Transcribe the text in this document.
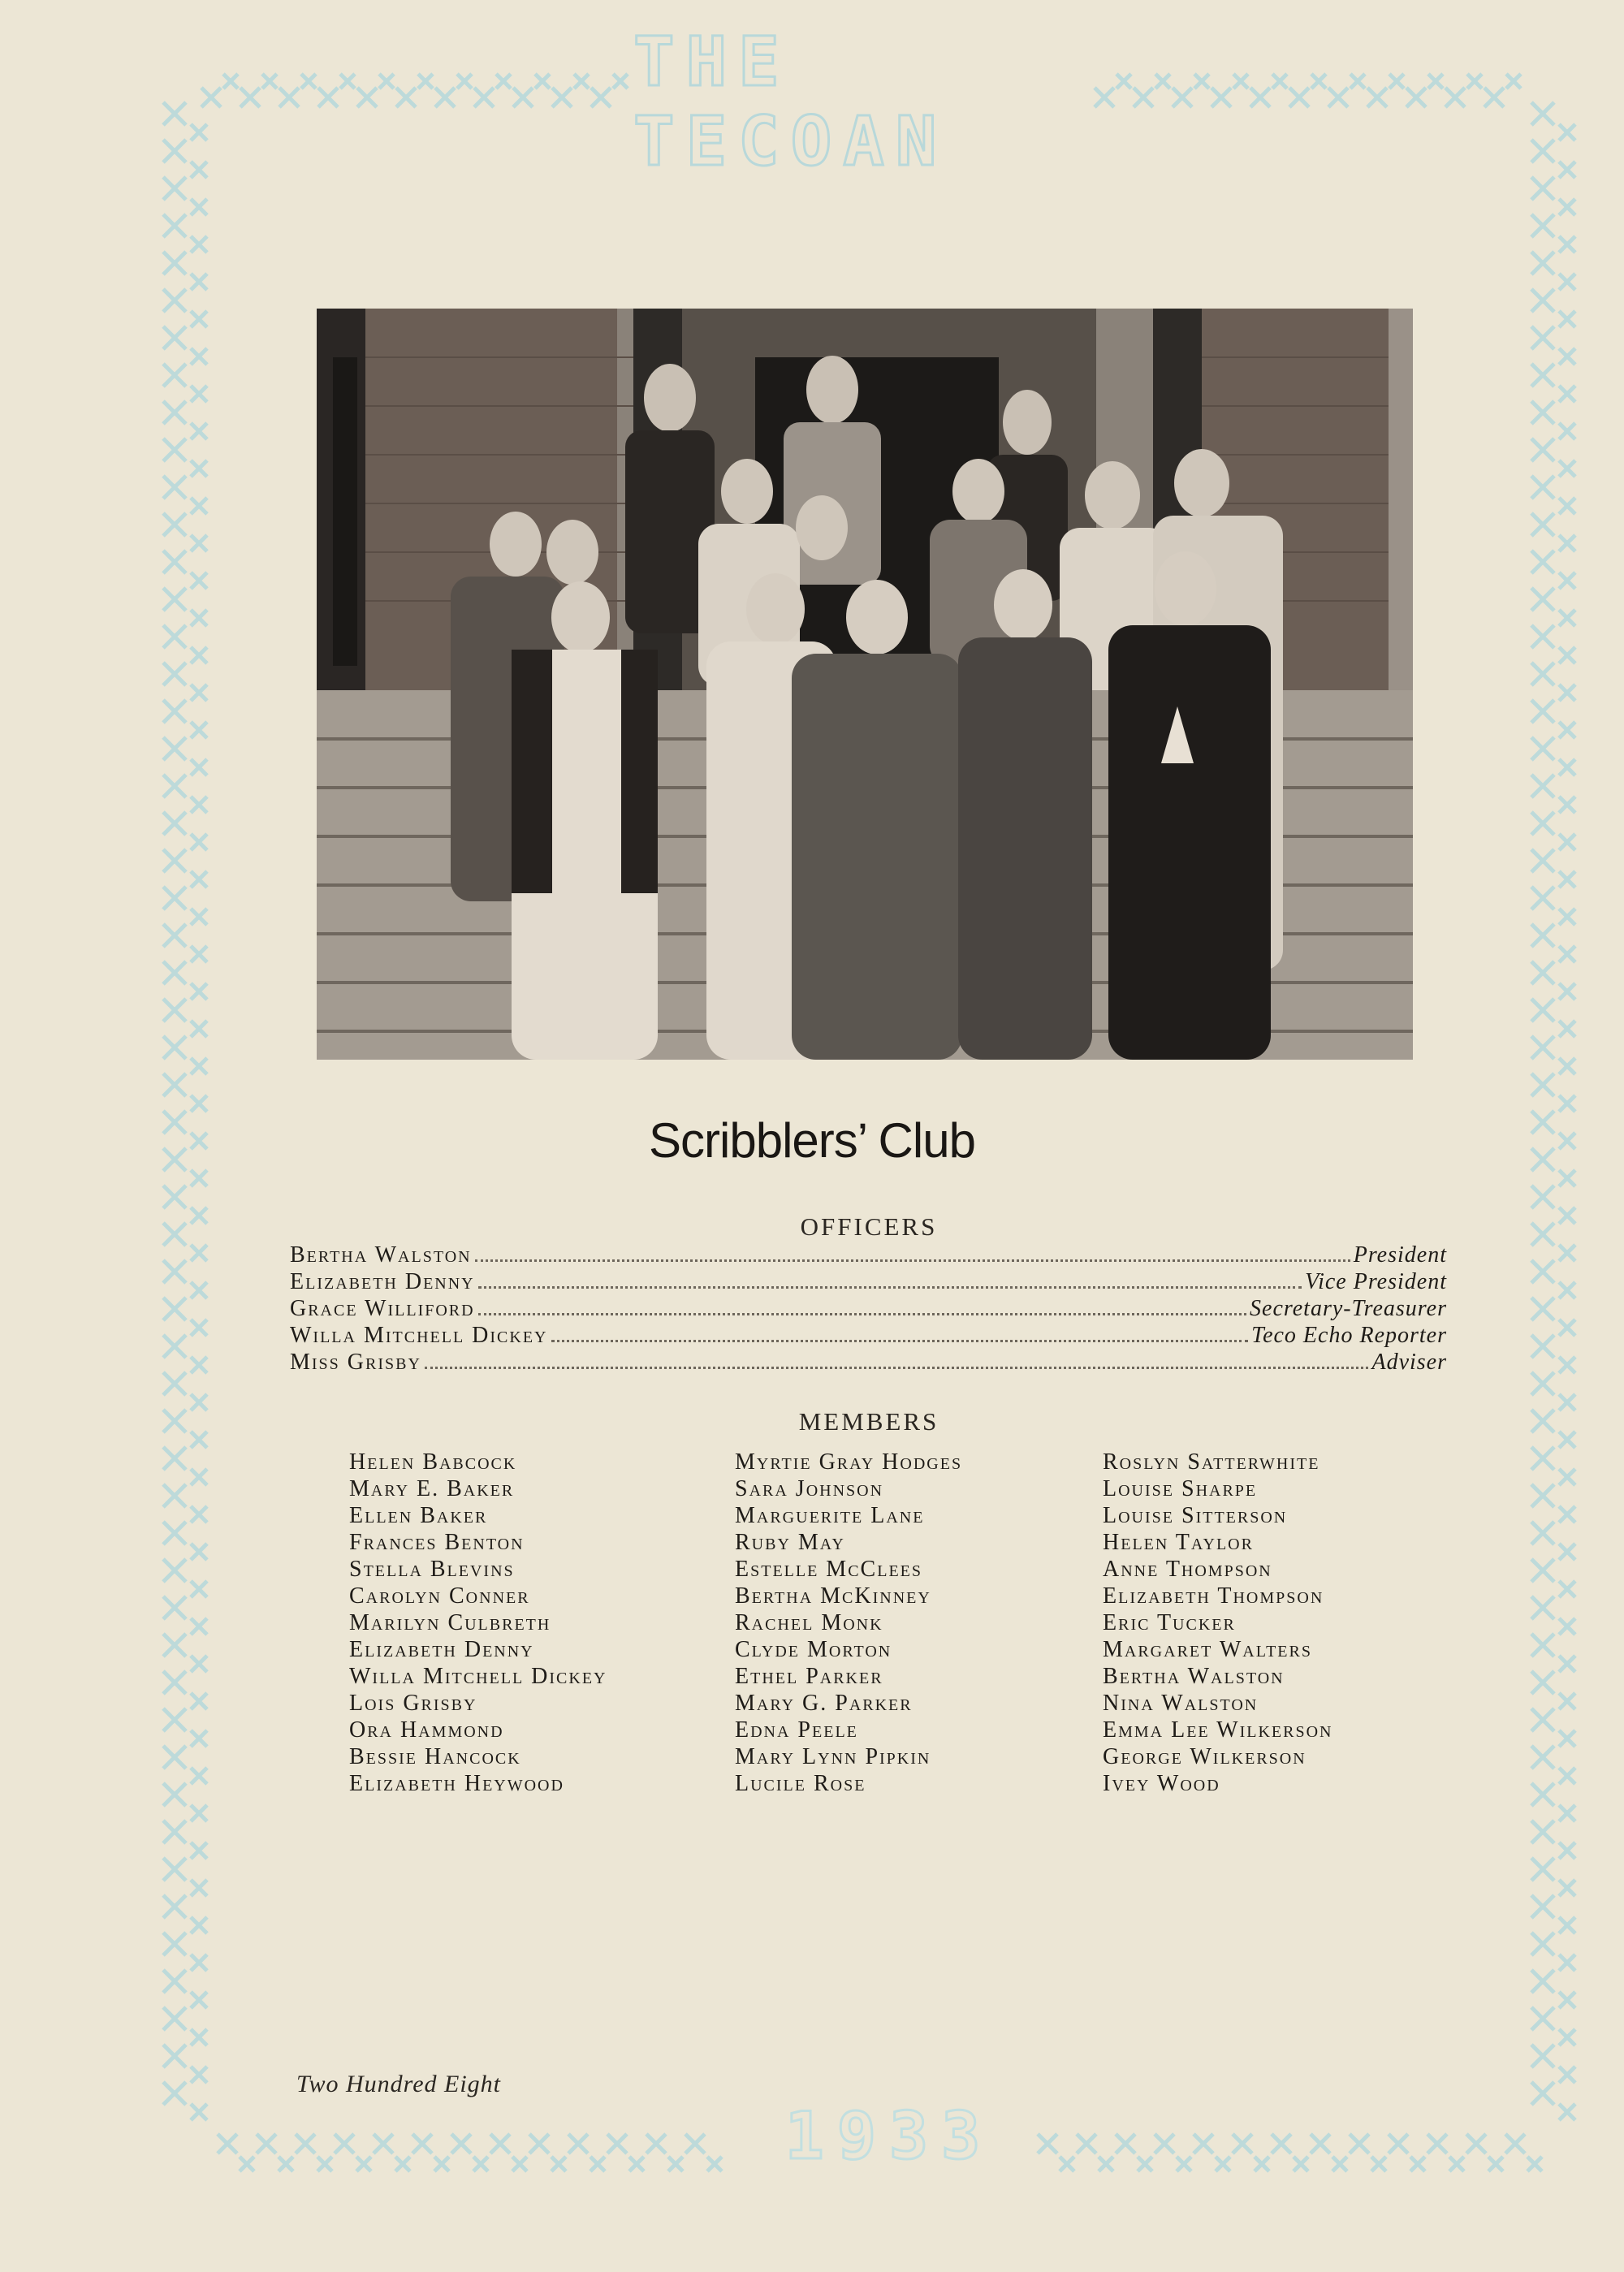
THE TECOAN
Scribblers’ Club
OFFICERS
Bertha Walston	President
Elizabeth Denny	Vice President
Grace Williford	Secretary-Treasurer
Willa Mitchell Dickey	Teco Echo Reporter
Miss Grisby	Adviser
MEMBERS
Helen Babcock
Mary E. Baker
Ellen Baker
Frances Benton
Stella Blevins
Carolyn Conner
Marilyn Culbreth
Elizabeth Denny
Willa Mitchell Dickey
Lois Grisby
Ora Hammond
Bessie Hancock
Elizabeth Heywood
Myrtie Gray Hodges
Sara Johnson
Marguerite Lane
Ruby May
Estelle McClees
Bertha McKinney
Rachel Monk
Clyde Morton
Ethel Parker
Mary G. Parker
Edna Peele
Mary Lynn Pipkin
Lucile Rose
Roslyn Satterwhite
Louise Sharpe
Louise Sitterson
Helen Taylor
Anne Thompson
Elizabeth Thompson
Eric Tucker
Margaret Walters
Bertha Walston
Nina Walston
Emma Lee Wilkerson
George Wilkerson
Ivey Wood
1933
Two Hundred Eight
